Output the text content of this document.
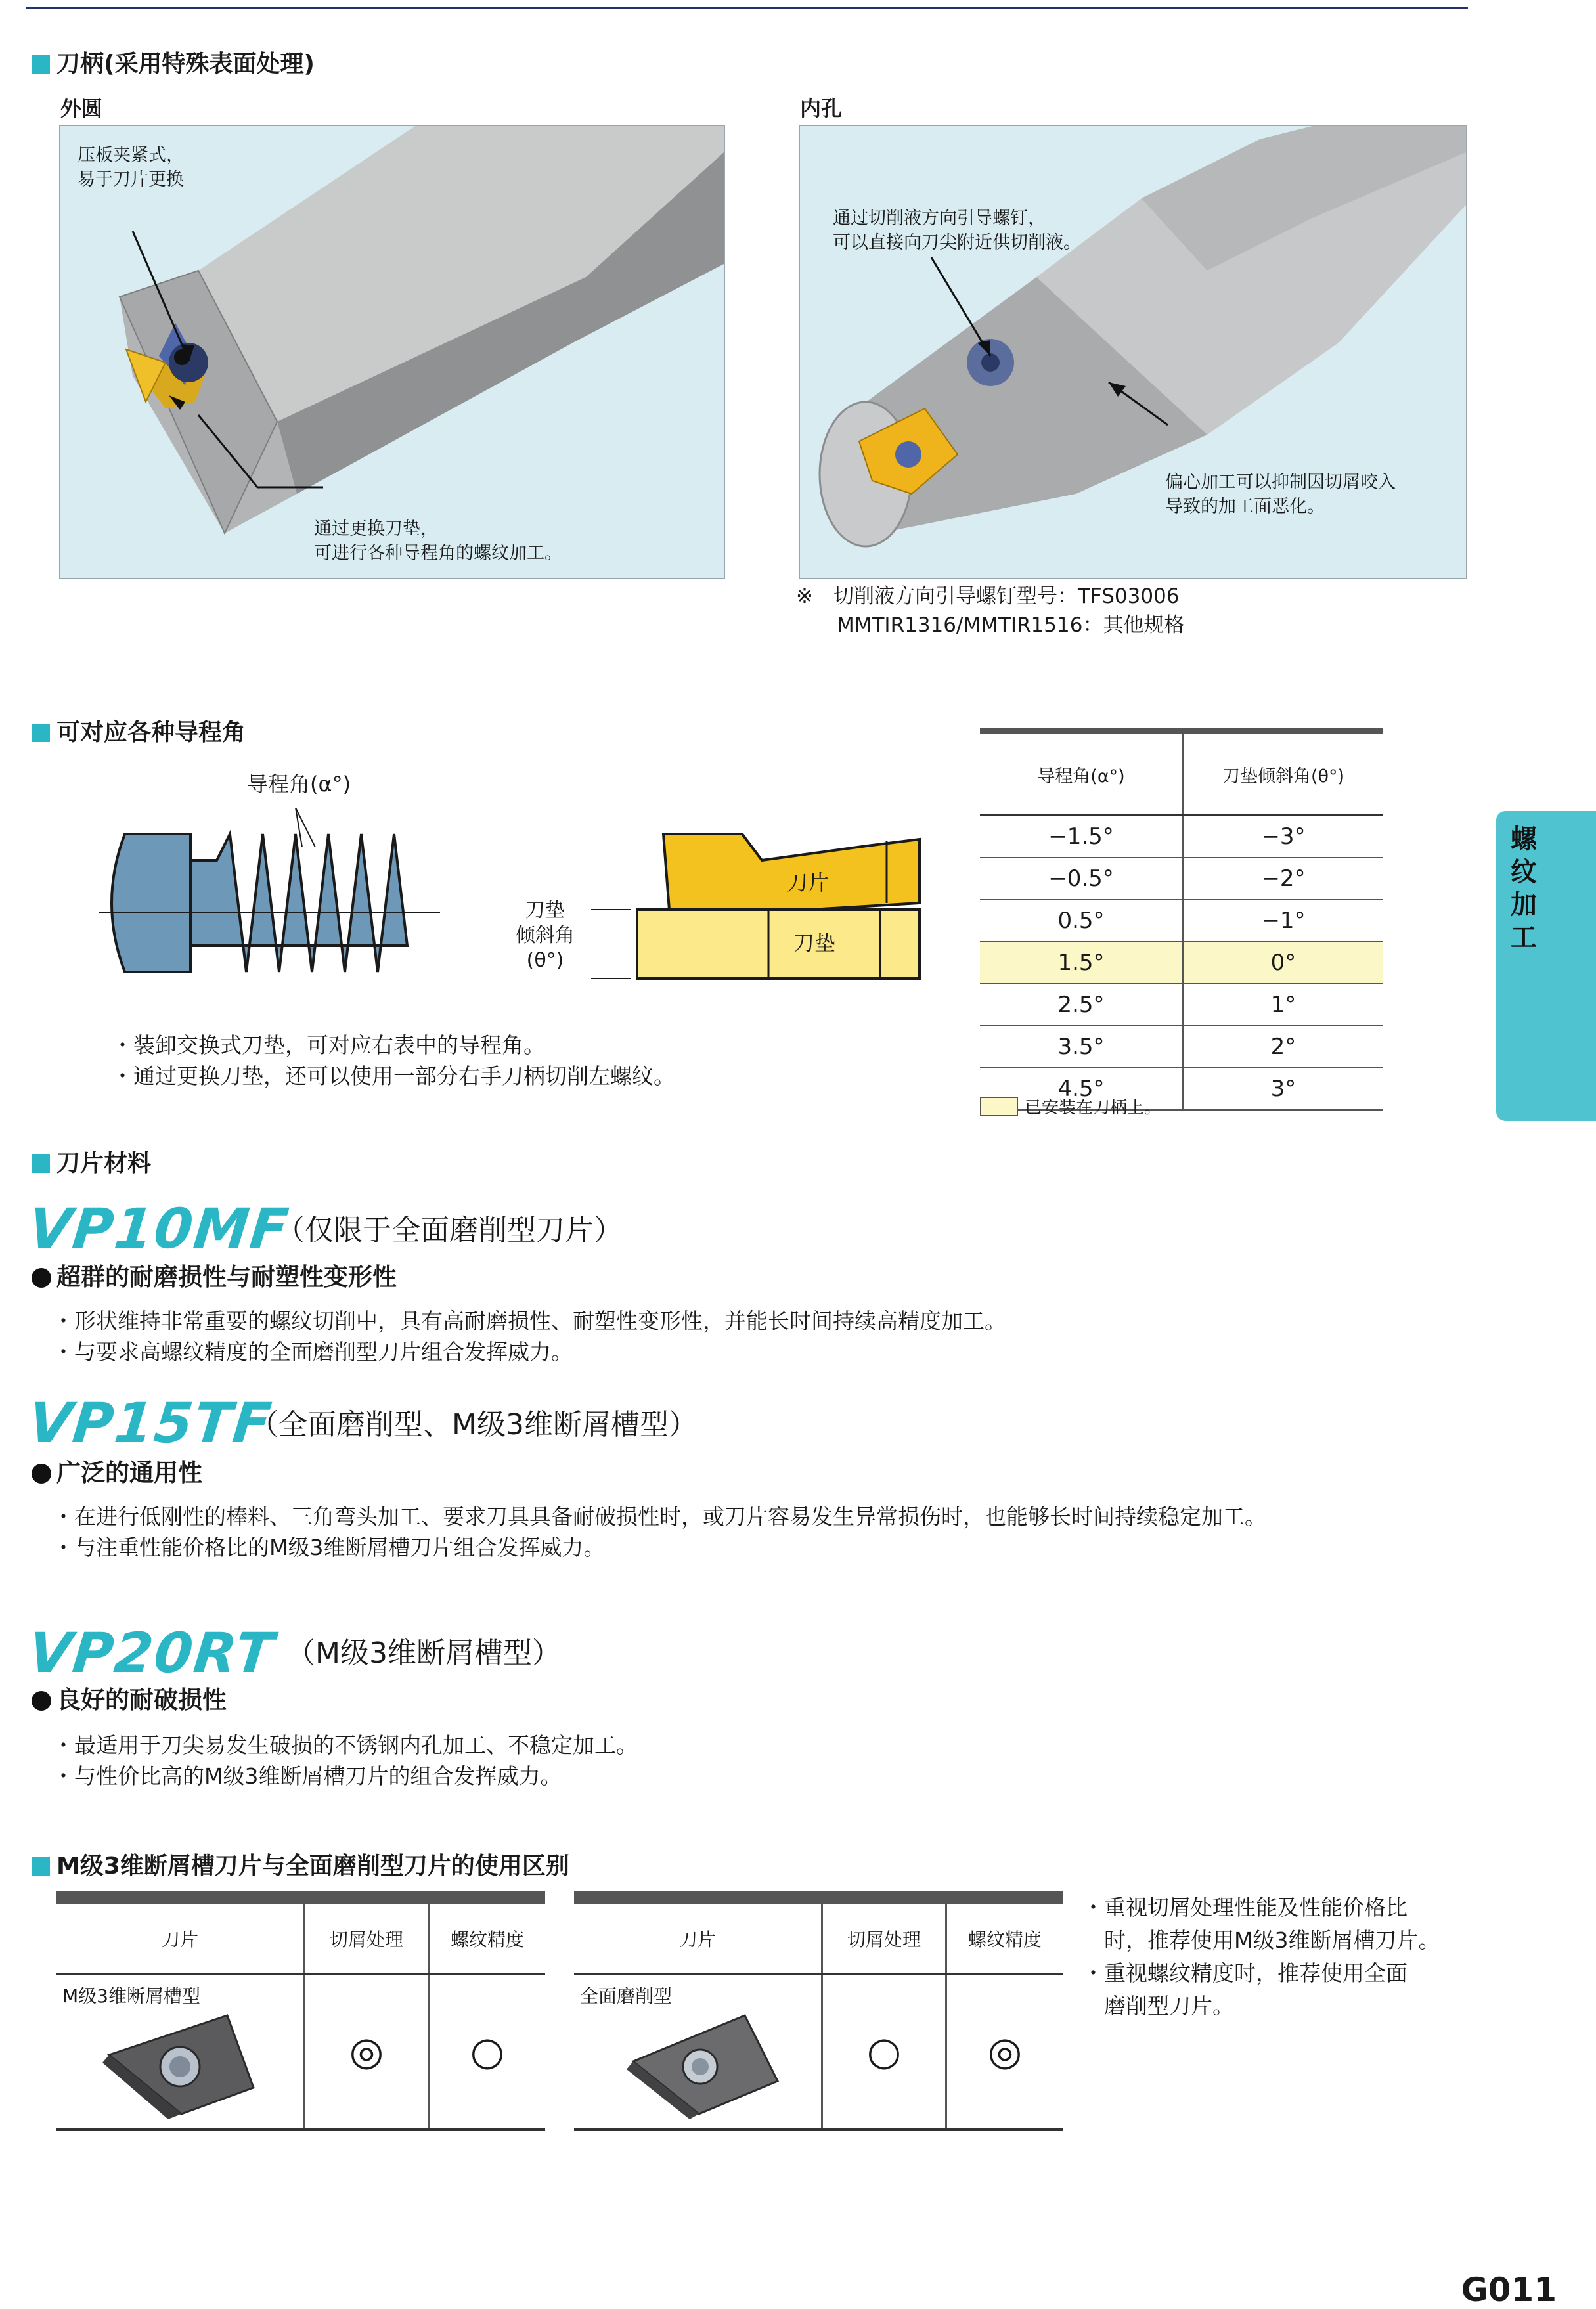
刀柄(采用特殊表面处理)
外圆	内孔
压板夹紧式，
易于刀片更换
通过更换刀垫，
可进行各种导程角的螺纹加工。
通过切削液方向引导螺钉，
可以直接向刀尖附近供切削液。
偏心加工可以抑制因切屑咬入
导致的加工面恶化。
※　切削液方向引导螺钉型号：TFS03006
　　MMTIR1316/MMTIR1516：其他规格
可对应各种导程角
导程角(α°)
刀垫
倾斜角
(θ°)
刀片
刀垫
・装卸交换式刀垫，可对应右表中的导程角。
・通过更换刀垫，还可以使用一部分右手刀柄切削左螺纹。
导程角(α°)	刀垫倾斜角(θ°)
−1.5°	−3°
−0.5°	−2°
0.5°	−1°
1.5°	0°
2.5°	1°
3.5°	2°
4.5°	3°
已安装在刀柄上。
刀片材料
VP10MF
（仅限于全面磨削型刀片）
超群的耐磨损性与耐塑性变形性
・形状维持非常重要的螺纹切削中，具有高耐磨损性、耐塑性变形性，并能长时间持续高精度加工。
・与要求高螺纹精度的全面磨削型刀片组合发挥威力。
VP15TF
（全面磨削型、M级3维断屑槽型）
广泛的通用性
・在进行低刚性的棒料、三角弯头加工、要求刀具具备耐破损性时，或刀片容易发生异常损伤时，也能够长时间持续稳定加工。
・与注重性能价格比的M级3维断屑槽刀片组合发挥威力。
VP20RT （M级3维断屑槽型）
良好的耐破损性
・最适用于刀尖易发生破损的不锈钢内孔加工、不稳定加工。
・与性价比高的M级3维断屑槽刀片的组合发挥威力。
M级3维断屑槽刀片与全面磨削型刀片的使用区别
刀片	切屑处理	螺纹精度

M级3维断屑槽型	◎	○
刀片	切屑处理	螺纹精度

全面磨削型	○	◎
・重视切屑处理性能及性能价格比
　时，推荐使用M级3维断屑槽刀片。
・重视螺纹精度时，推荐使用全面
　磨削型刀片。
螺
纹
加
工
G011
